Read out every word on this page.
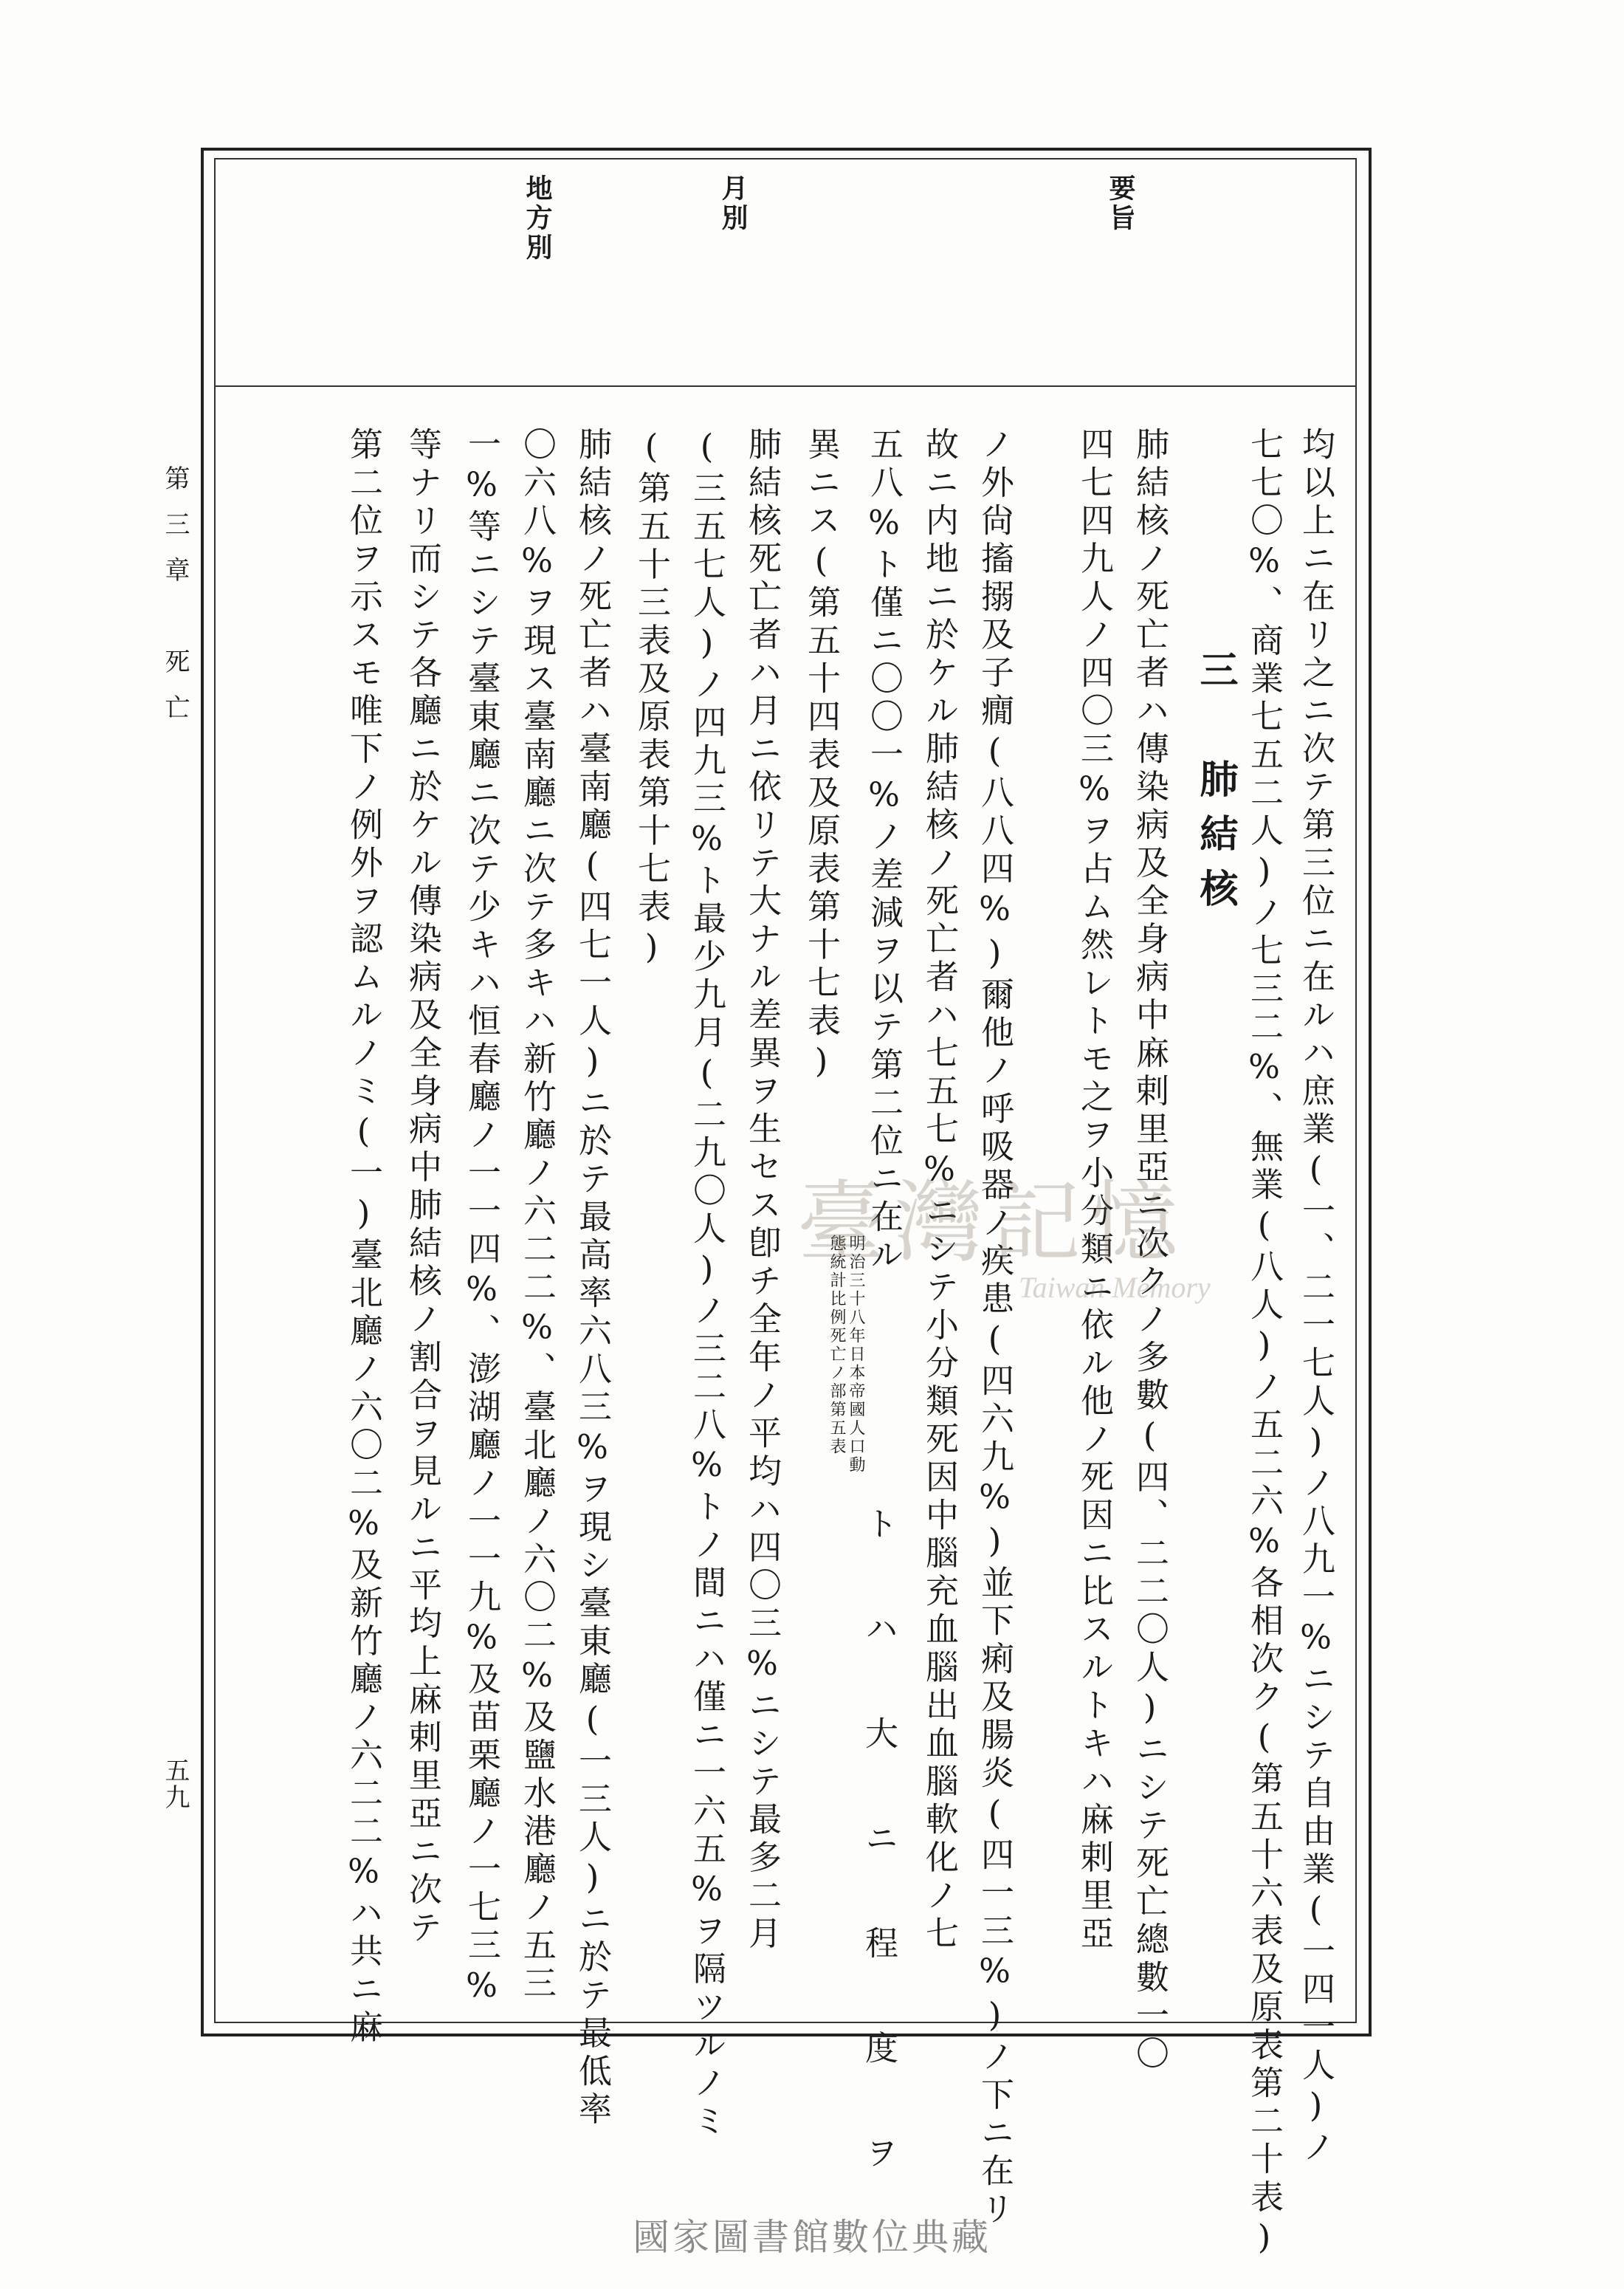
要旨
月別
地方別
均以上ニ在リ之ニ次テ第三位ニ在ルハ庶業(一、二一七人)ノ八九一%ニシテ自由業(一四一人)ノ
七七〇%、商業七五二人)ノ七三二%、無業(八人)ノ五二六%各相次ク(第五十六表及原表第二十表)
三　肺結核
肺結核ノ死亡者ハ傳染病及全身病中麻剌里亞ニ次クノ多數(四、二二〇人)ニシテ死亡總數一〇
四七四九人ノ四〇三%ヲ占ム然レトモ之ヲ小分類ニ依ル他ノ死因ニ比スルトキハ麻剌里亞
ノ外尙搐搦及子癇(八八四%)爾他ノ呼吸器ノ疾患(四六九%)並下痢及腸炎(四一三%)ノ下ニ在リ
故ニ内地ニ於ケル肺結核ノ死亡者ハ七五七%ニシテ小分類死因中腦充血腦出血腦軟化ノ七
五八%ト僅ニ〇〇一%ノ差減ヲ以テ第二位ニ在ル
明治三十八年日本帝國人口動態統計比例死亡ノ部第五表
ト ハ 大 ニ 程 度 ヲ
異ニス(第五十四表及原表第十七表)
肺結核死亡者ハ月ニ依リテ大ナル差異ヲ生セス卽チ全年ノ平均ハ四〇三%ニシテ最多二月
(三五七人)ノ四九三%ト最少九月(二九〇人)ノ三二八%トノ間ニハ僅ニ一六五%ヲ隔ツルノミ
(第五十三表及原表第十七表)
肺結核ノ死亡者ハ臺南廳(四七一人)ニ於テ最高率六八三%ヲ現シ臺東廳(一三人)ニ於テ最低率
〇六八%ヲ現ス臺南廳ニ次テ多キハ新竹廳ノ六二二%、臺北廳ノ六〇二%及鹽水港廳ノ五三
一%等ニシテ臺東廳ニ次テ少キハ恒春廳ノ一一四%、澎湖廳ノ一一九%及苗栗廳ノ一七三%
等ナリ而シテ各廳ニ於ケル傳染病及全身病中肺結核ノ割合ヲ見ルニ平均上麻剌里亞ニ次テ
第二位ヲ示スモ唯下ノ例外ヲ認ムルノミ(一)臺北廳ノ六〇二%及新竹廳ノ六二二%ハ共ニ麻
第三章　死亡
五九
臺灣記憶
Taiwan Memory
國家圖書館數位典藏
